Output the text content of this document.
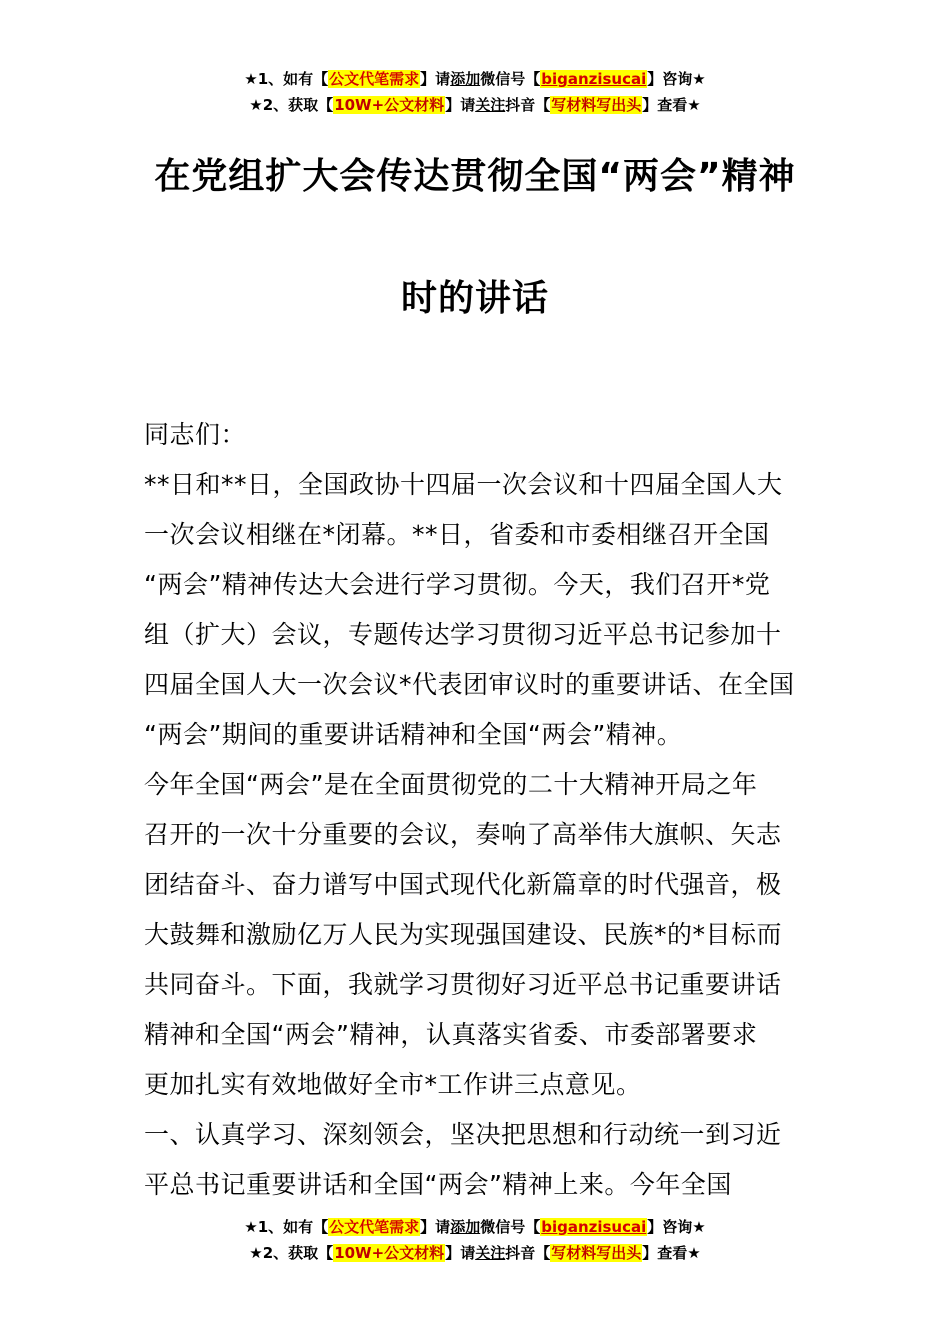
★1、如有【公文代笔需求】请添加微信号【biganzisucai】咨询★
★2、获取【10W+公文材料】请关注抖音【写材料写出头】查看★
在党组扩大会传达贯彻全国“两会”精神
时的讲话

同志们：

**日和**日，全国政协十四届一次会议和十四届全国人大

一次会议相继在*闭幕。**日，省委和市委相继召开全国

“两会”精神传达大会进行学习贯彻。今天，我们召开*党

组（扩大）会议，专题传达学习贯彻习近平总书记参加十

四届全国人大一次会议*代表团审议时的重要讲话、在全国

“两会”期间的重要讲话精神和全国“两会”精神。

今年全国“两会”是在全面贯彻党的二十大精神开局之年

召开的一次十分重要的会议，奏响了高举伟大旗帜、矢志

团结奋斗、奋力谱写中国式现代化新篇章的时代强音，极

大鼓舞和激励亿万人民为实现强国建设、民族*的*目标而

共同奋斗。下面，我就学习贯彻好习近平总书记重要讲话

精神和全国“两会”精神，认真落实省委、市委部署要求

更加扎实有效地做好全市*工作讲三点意见。

一、认真学习、深刻领会，坚决把思想和行动统一到习近

平总书记重要讲话和全国“两会”精神上来。今年全国

★1、如有【公文代笔需求】请添加微信号【biganzisucai】咨询★
★2、获取【10W+公文材料】请关注抖音【写材料写出头】查看★
